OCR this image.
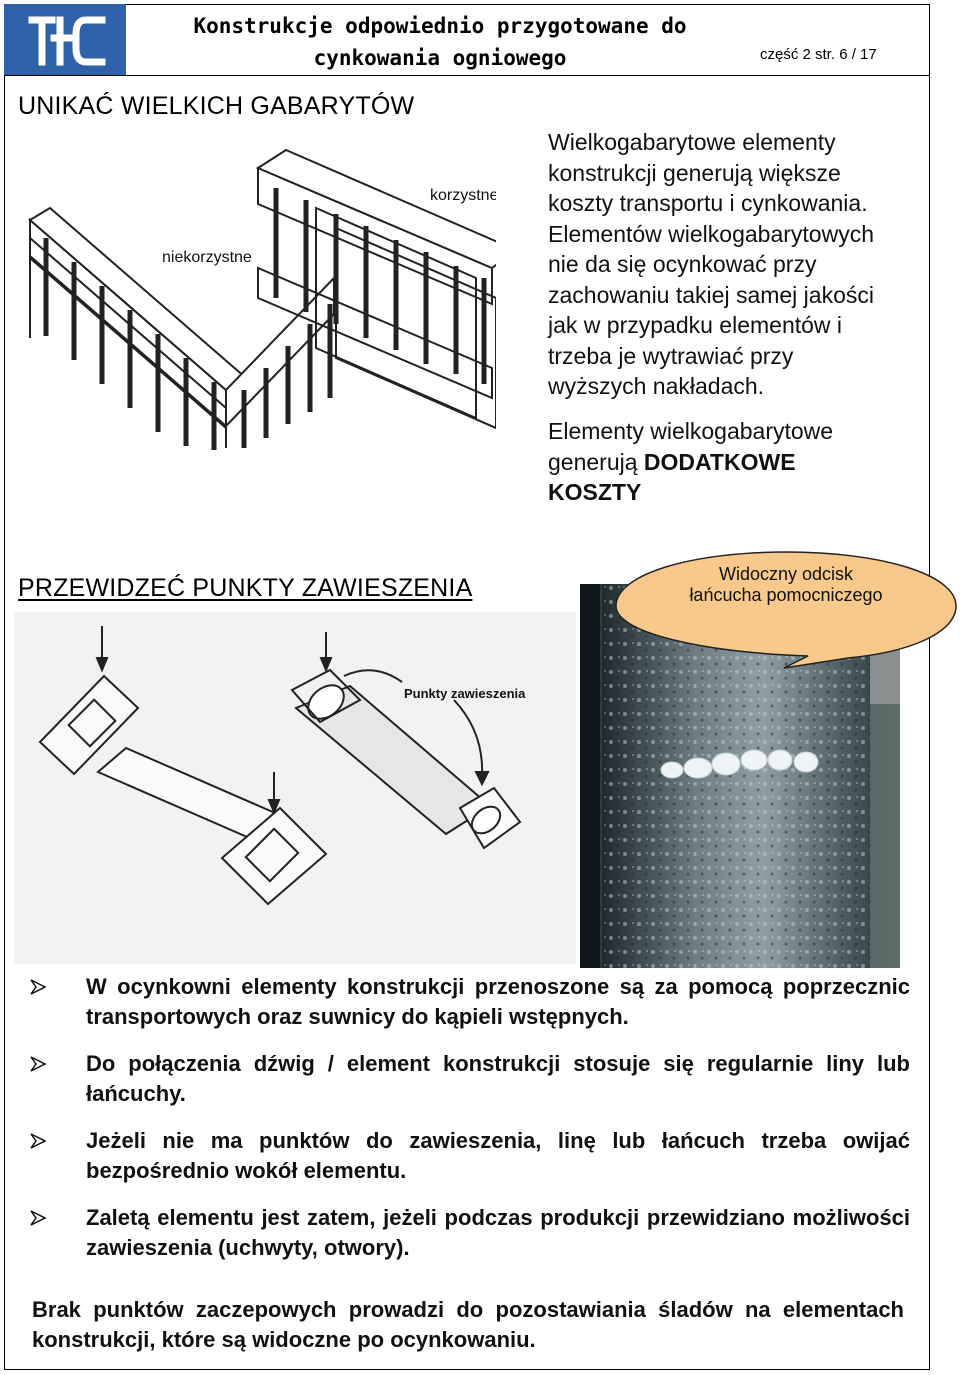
Konstrukcje odpowiednio przygotowane do
cynkowania ogniowego	część 2 str. 6 / 17
UNIKAĆ WIELKICH GABARYTÓW
niekorzystne
korzystne
Wielkogabarytowe elementy
konstrukcji generują większe
koszty transportu i cynkowania.
Elementów wielkogabarytowych
nie da się ocynkować przy
zachowaniu takiej samej jakości
jak w przypadku elementów i
trzeba je wytrawiać przy
wyższych nakładach.
Elementy wielkogabarytowe
generują DODATKOWE
KOSZTY
PRZEWIDZEĆ PUNKTY ZAWIESZENIA
Punkty zawieszenia
Widoczny odcisk
łańcucha pomocniczego
W ocynkowni elementy konstrukcji przenoszone są za pomocą poprzecznic transportowych oraz suwnicy do kąpieli wstępnych.
Do połączenia dźwig / element konstrukcji stosuje się regularnie liny lub łańcuchy.
Jeżeli nie ma punktów do zawieszenia, linę lub łańcuch trzeba owijać bezpośrednio wokół elementu.
Zaletą elementu jest zatem, jeżeli podczas produkcji przewidziano możliwości zawieszenia (uchwyty, otwory).
Brak punktów zaczepowych prowadzi do pozostawiania śladów na elementach konstrukcji, które są widoczne po ocynkowaniu.
